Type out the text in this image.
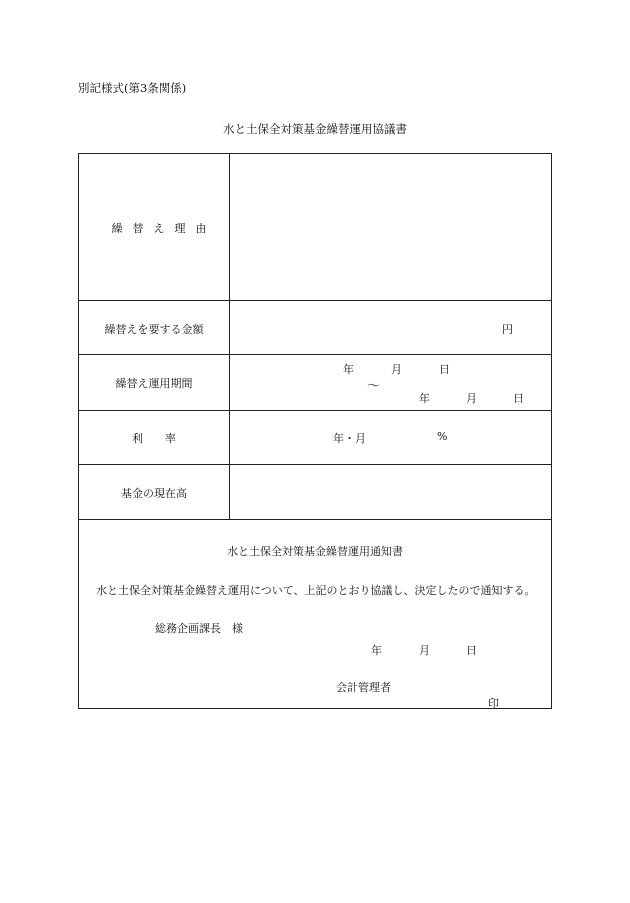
別記様式(第3条関係)
水と土保全対策基金繰替運用協議書
繰替え理由
繰替えを要する金額	円
繰替え運用期間
年	月	日
〜
年	月	日
利　　率	年・月	%
基金の現在高
水と土保全対策基金繰替運用通知書
水と土保全対策基金繰替え運用について、上記のとおり協議し、決定したので通知する。
総務企画課長　様
年	月	日
会計管理者
印
